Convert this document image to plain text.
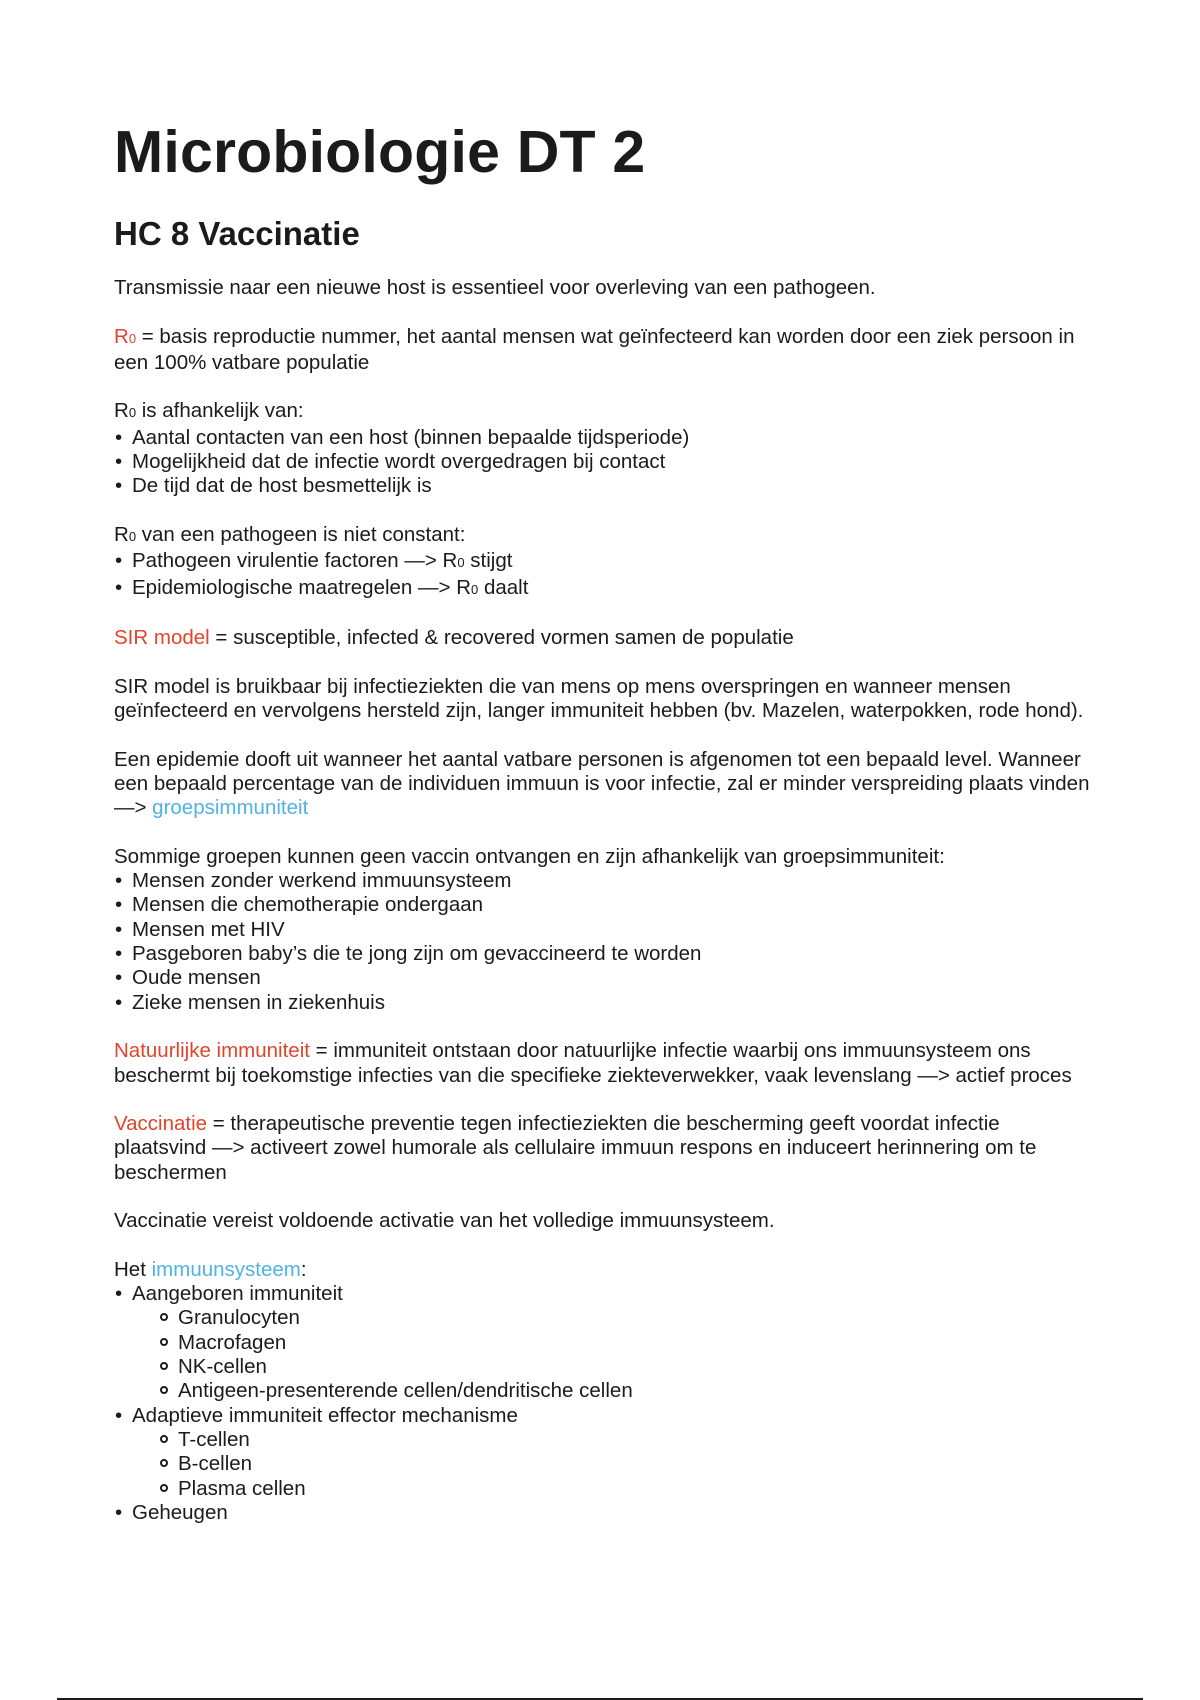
Microbiologie DT 2
HC 8 Vaccinatie

Transmissie naar een nieuwe host is essentieel voor overleving van een pathogeen.

R0 = basis reproductie nummer, het aantal mensen wat geïnfecteerd kan worden door een ziek persoon in een 100% vatbare populatie

R0 is afhankelijk van:
• Aantal contacten van een host (binnen bepaalde tijdsperiode)
• Mogelijkheid dat de infectie wordt overgedragen bij contact
• De tijd dat de host besmettelijk is

R0 van een pathogeen is niet constant:
• Pathogeen virulentie factoren —> R0 stijgt
• Epidemiologische maatregelen —> R0 daalt

SIR model = susceptible, infected & recovered vormen samen de populatie

SIR model is bruikbaar bij infectieziekten die van mens op mens overspringen en wanneer mensen geïnfecteerd en vervolgens hersteld zijn, langer immuniteit hebben (bv. Mazelen, waterpokken, rode hond).

Een epidemie dooft uit wanneer het aantal vatbare personen is afgenomen tot een bepaald level. Wanneer een bepaald percentage van de individuen immuun is voor infectie, zal er minder verspreiding plaats vinden —> groepsimmuniteit

Sommige groepen kunnen geen vaccin ontvangen en zijn afhankelijk van groepsimmuniteit:
• Mensen zonder werkend immuunsysteem
• Mensen die chemotherapie ondergaan
• Mensen met HIV
• Pasgeboren baby’s die te jong zijn om gevaccineerd te worden
• Oude mensen
• Zieke mensen in ziekenhuis

Natuurlijke immuniteit = immuniteit ontstaan door natuurlijke infectie waarbij ons immuunsysteem ons beschermt bij toekomstige infecties van die specifieke ziekteverwekker, vaak levenslang —> actief proces

Vaccinatie = therapeutische preventie tegen infectieziekten die bescherming geeft voordat infectie plaatsvind —> activeert zowel humorale als cellulaire immuun respons en induceert herinnering om te beschermen

Vaccinatie vereist voldoende activatie van het volledige immuunsysteem.

Het immuunsysteem:
• Aangeboren immuniteit
Granulocyten
Macrofagen
NK-cellen
Antigeen-presenterende cellen/dendritische cellen
• Adaptieve immuniteit effector mechanisme
T-cellen
B-cellen
Plasma cellen
• Geheugen
